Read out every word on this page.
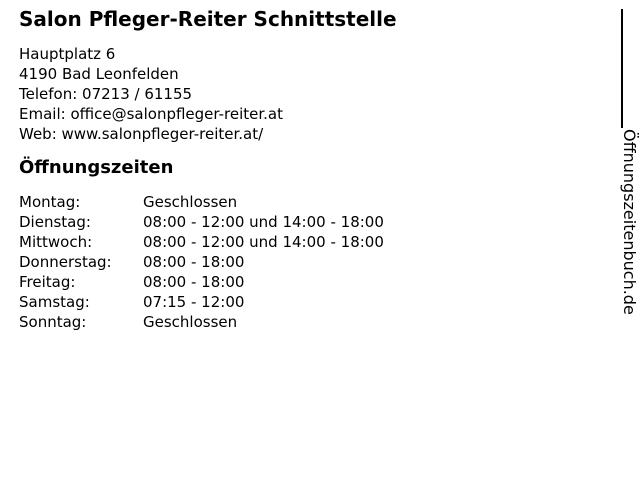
Salon Pfleger-Reiter Schnittstelle
Hauptplatz 6
4190 Bad Leonfelden
Telefon: 07213 / 61155
Email: office@salonpfleger-reiter.at
Web: www.salonpfleger-reiter.at/
Öffnungszeiten
Montag:	Geschlossen
Dienstag:	08:00 - 12:00 und 14:00 - 18:00
Mittwoch:	08:00 - 12:00 und 14:00 - 18:00
Donnerstag:	08:00 - 18:00
Freitag:	08:00 - 18:00
Samstag:	07:15 - 12:00
Sonntag:	Geschlossen
Öffnungszeitenbuch.de
